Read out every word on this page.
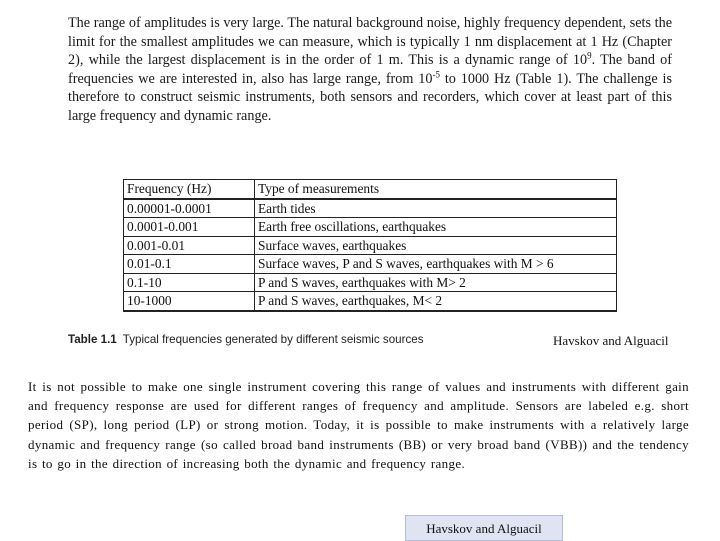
The range of amplitudes is very large. The natural background noise, highly frequency dependent, sets the limit for the smallest amplitudes we can measure, which is typically 1 nm displacement at 1 Hz (Chapter 2), while the largest displacement is in the order of 1 m. This is a dynamic range of $10^9$. The band of frequencies we are interested in, also has large range, from $10^{-5}$ to 1000 Hz (Table 1). The challenge is therefore to construct seismic instruments, both sensors and recorders, which cover at least part of this large frequency and dynamic range.

Frequency (Hz)	Type of measurements
0.00001-0.0001	Earth tides
0.0001-0.001	Earth free oscillations, earthquakes
0.001-0.01	Surface waves, earthquakes
0.01-0.1	Surface waves, P and S waves, earthquakes with M > 6
0.1-10	P and S waves, earthquakes with M> 2
10-1000	P and S waves, earthquakes, M< 2
Table 1.1 Typical frequencies generated by different seismic sources	Havskov and Alguacil

It is not possible to make one single instrument covering this range of values and instruments with different gain and frequency response are used for different ranges of frequency and amplitude. Sensors are labeled e.g. short period (SP), long period (LP) or strong motion. Today, it is possible to make instruments with a relatively large dynamic and frequency range (so called broad band instruments (BB) or very broad band (VBB)) and the tendency is to go in the direction of increasing both the dynamic and frequency range.

Havskov and Alguacil
